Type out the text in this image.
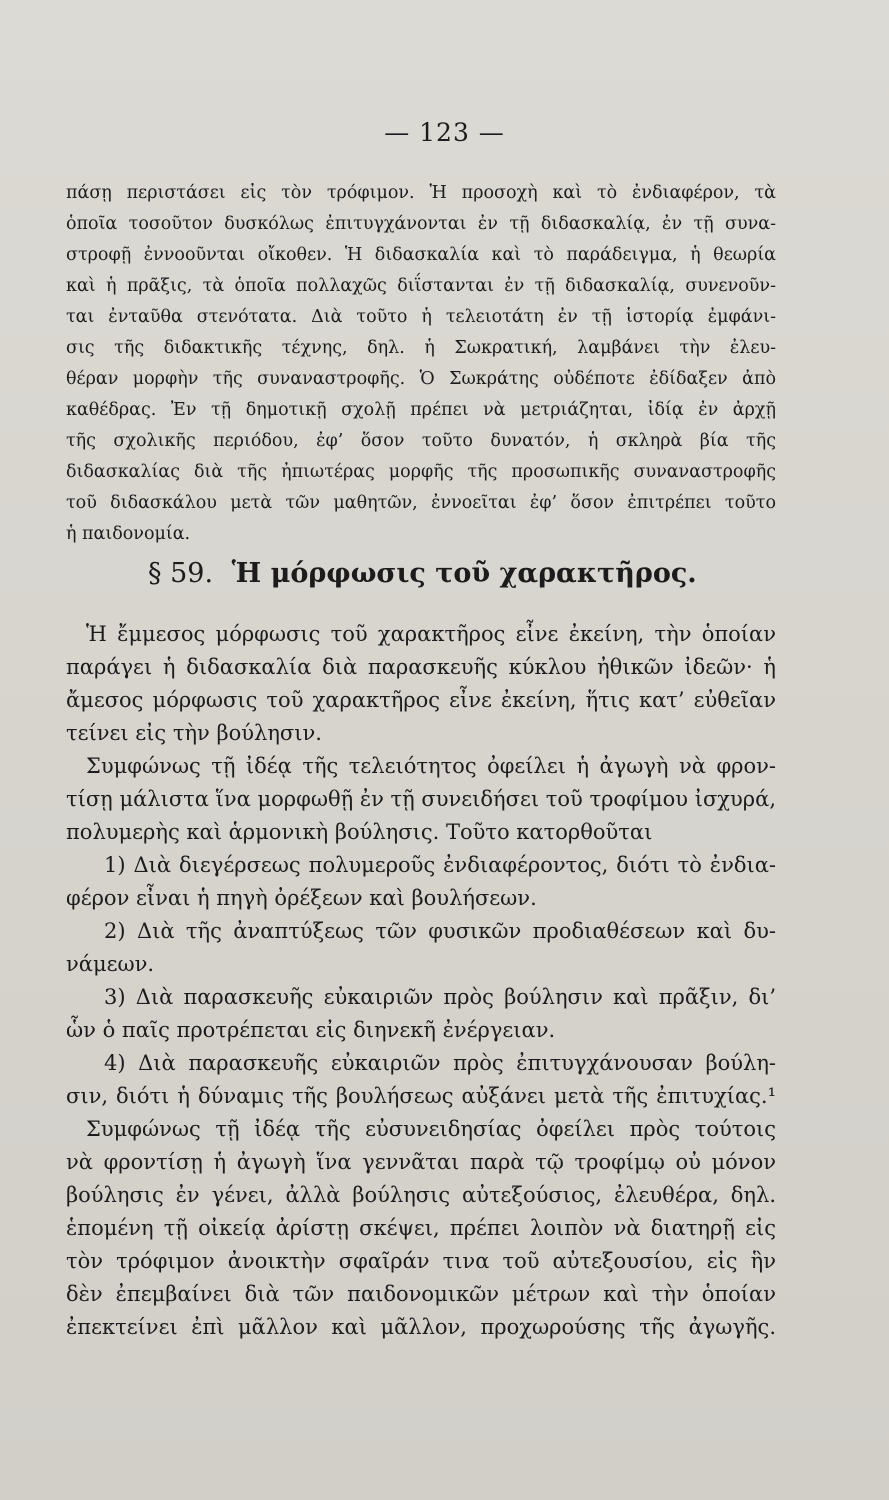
— 123 —
πάσῃ περιστάσει εἰς τὸν τρόφιμον. Ἡ προσοχὴ καὶ τὸ ἐνδιαφέρον, τὰ
ὁποῖα τοσοῦτον δυσκόλως ἐπιτυγχάνονται ἐν τῇ διδασκαλίᾳ, ἐν τῇ συνα-
στροφῇ ἐννοοῦνται οἴκοθεν. Ἡ διδασκαλία καὶ τὸ παράδειγμα, ἡ θεωρία
καὶ ἡ πρᾶξις, τὰ ὁποῖα πολλαχῶς διΐστανται ἐν τῇ διδασκαλίᾳ, συνενοῦν-
ται ἐνταῦθα στενότατα. Διὰ τοῦτο ἡ τελειοτάτη ἐν τῇ ἱστορίᾳ ἐμφάνι-
σις τῆς διδακτικῆς τέχνης, δηλ. ἡ Σωκρατική, λαμβάνει τὴν ἐλευ-
θέραν μορφὴν τῆς συναναστροφῆς. Ὁ Σωκράτης οὐδέποτε ἐδίδαξεν ἀπὸ
καθέδρας. Ἐν τῇ δημοτικῇ σχολῇ πρέπει νὰ μετριάζηται, ἰδίᾳ ἐν ἀρχῇ
τῆς σχολικῆς περιόδου, ἐφ’ ὅσον τοῦτο δυνατόν, ἡ σκληρὰ βία τῆς
διδασκαλίας διὰ τῆς ἠπιωτέρας μορφῆς τῆς προσωπικῆς συναναστροφῆς
τοῦ διδασκάλου μετὰ τῶν μαθητῶν, ἐννοεῖται ἐφ’ ὅσον ἐπιτρέπει τοῦτο
ἡ παιδονομία.
§ 59. Ἡ μόρφωσις τοῦ χαρακτῆρος.
Ἡ ἔμμεσος μόρφωσις τοῦ χαρακτῆρος εἶνε ἐκείνη, τὴν ὁποίαν
παράγει ἡ διδασκαλία διὰ παρασκευῆς κύκλου ἠθικῶν ἰδεῶν· ἡ
ἄμεσος μόρφωσις τοῦ χαρακτῆρος εἶνε ἐκείνη, ἥτις κατ’ εὐθεῖαν
τείνει εἰς τὴν βούλησιν.
Συμφώνως τῇ ἰδέᾳ τῆς τελειότητος ὀφείλει ἡ ἀγωγὴ νὰ φρον-
τίσῃ μάλιστα ἵνα μορφωθῇ ἐν τῇ συνειδήσει τοῦ τροφίμου ἰσχυρά,
πολυμερὴς καὶ ἁρμονικὴ βούλησις. Τοῦτο κατορθοῦται
1) Διὰ διεγέρσεως πολυμεροῦς ἐνδιαφέροντος, διότι τὸ ἐνδια-
φέρον εἶναι ἡ πηγὴ ὀρέξεων καὶ βουλήσεων.
2) Διὰ τῆς ἀναπτύξεως τῶν φυσικῶν προδιαθέσεων καὶ δυ-
νάμεων.
3) Διὰ παρασκευῆς εὐκαιριῶν πρὸς βούλησιν καὶ πρᾶξιν, δι’
ὧν ὁ παῖς προτρέπεται εἰς διηνεκῆ ἐνέργειαν.
4) Διὰ παρασκευῆς εὐκαιριῶν πρὸς ἐπιτυγχάνουσαν βούλη-
σιν, διότι ἡ δύναμις τῆς βουλήσεως αὐξάνει μετὰ τῆς ἐπιτυχίας.¹
Συμφώνως τῇ ἰδέᾳ τῆς εὐσυνειδησίας ὀφείλει πρὸς τούτοις
νὰ φροντίσῃ ἡ ἀγωγὴ ἵνα γεννᾶται παρὰ τῷ τροφίμῳ οὐ μόνον
βούλησις ἐν γένει, ἀλλὰ βούλησις αὐτεξούσιος, ἐλευθέρα, δηλ.
ἑπομένη τῇ οἰκείᾳ ἀρίστῃ σκέψει, πρέπει λοιπὸν νὰ διατηρῇ εἰς
τὸν τρόφιμον ἀνοικτὴν σφαῖράν τινα τοῦ αὐτεξουσίου, εἰς ἣν
δὲν ἐπεμβαίνει διὰ τῶν παιδονομικῶν μέτρων καὶ τὴν ὁποίαν
ἐπεκτείνει ἐπὶ μᾶλλον καὶ μᾶλλον, προχωρούσης τῆς ἀγωγῆς.
